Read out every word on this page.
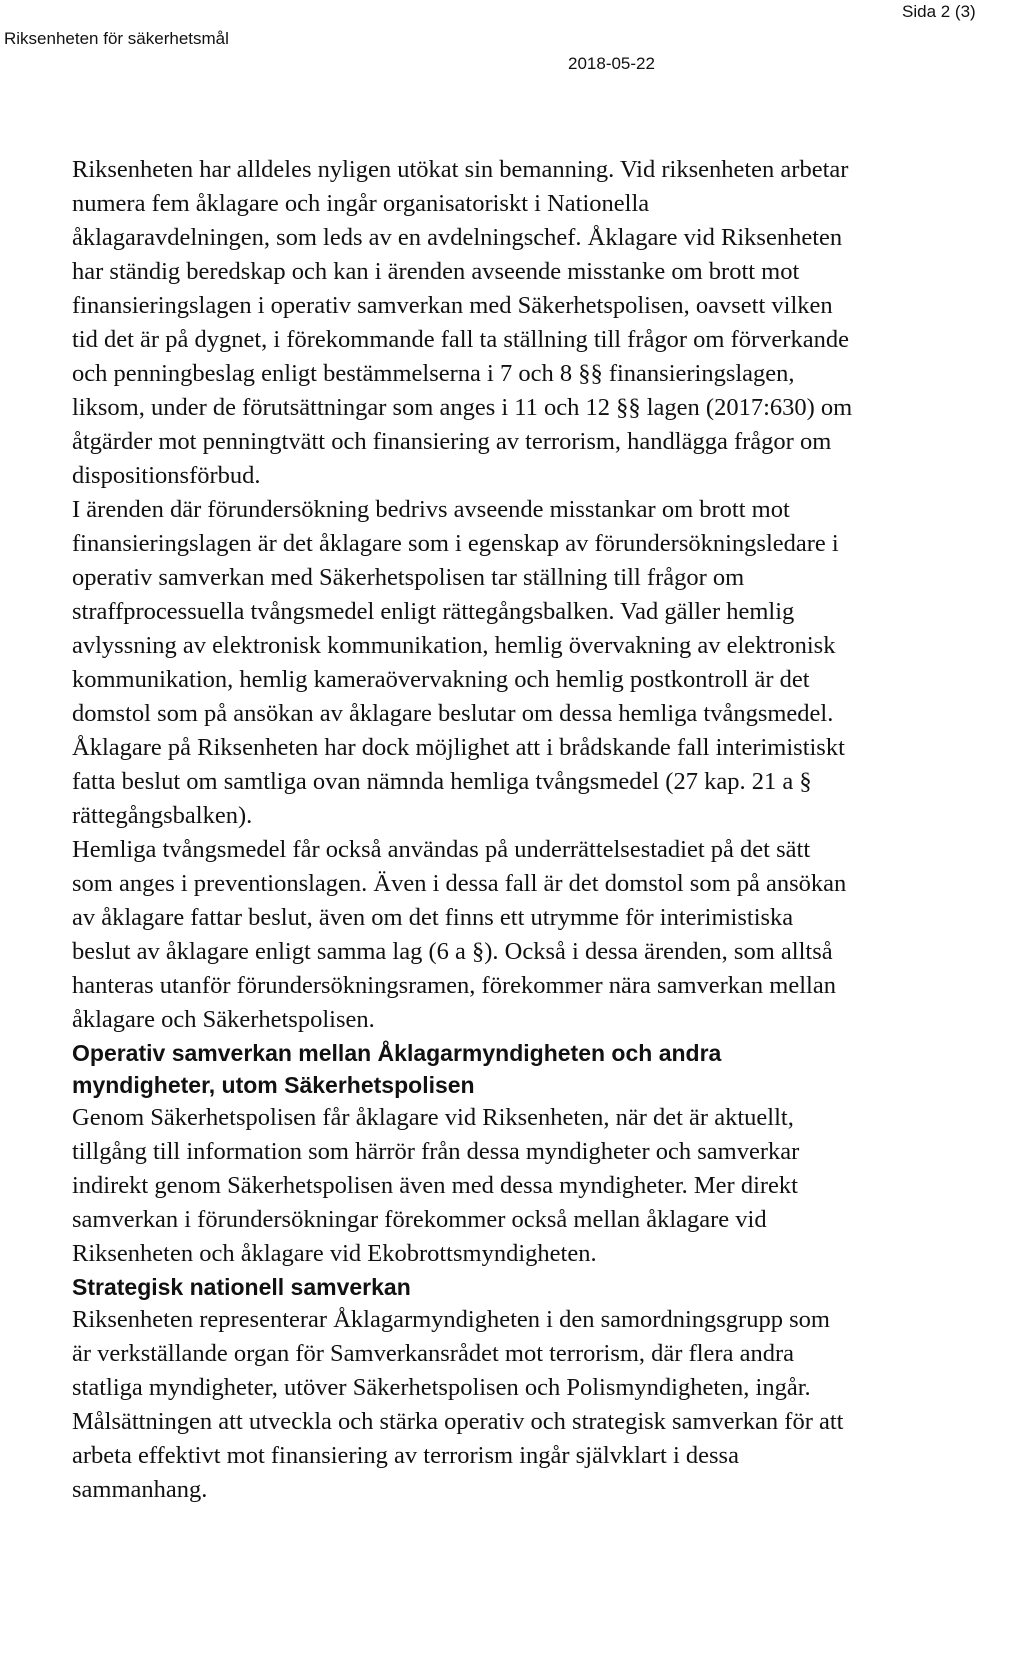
Riksenheten för säkerhetsmål
2018-05-22
Sida 2 (3)

Riksenheten har alldeles nyligen utökat sin bemanning. Vid riksenheten arbetar
numera fem åklagare och ingår organisatoriskt i Nationella
åklagaravdelningen, som leds av en avdelningschef. Åklagare vid Riksenheten
har ständig beredskap och kan i ärenden avseende misstanke om brott mot
finansieringslagen i operativ samverkan med Säkerhetspolisen, oavsett vilken
tid det är på dygnet, i förekommande fall ta ställning till frågor om förverkande
och penningbeslag enligt bestämmelserna i 7 och 8 §§ finansieringslagen,
liksom, under de förutsättningar som anges i 11 och 12 §§ lagen (2017:630) om
åtgärder mot penningtvätt och finansiering av terrorism, handlägga frågor om
dispositionsförbud.

I ärenden där förundersökning bedrivs avseende misstankar om brott mot
finansieringslagen är det åklagare som i egenskap av förundersökningsledare i
operativ samverkan med Säkerhetspolisen tar ställning till frågor om
straffprocessuella tvångsmedel enligt rättegångsbalken. Vad gäller hemlig
avlyssning av elektronisk kommunikation, hemlig övervakning av elektronisk
kommunikation, hemlig kameraövervakning och hemlig postkontroll är det
domstol som på ansökan av åklagare beslutar om dessa hemliga tvångsmedel.
Åklagare på Riksenheten har dock möjlighet att i brådskande fall interimistiskt
fatta beslut om samtliga ovan nämnda hemliga tvångsmedel (27 kap. 21 a §
rättegångsbalken).

Hemliga tvångsmedel får också användas på underrättelsestadiet på det sätt
som anges i preventionslagen. Även i dessa fall är det domstol som på ansökan
av åklagare fattar beslut, även om det finns ett utrymme för interimistiska
beslut av åklagare enligt samma lag (6 a §). Också i dessa ärenden, som alltså
hanteras utanför förundersökningsramen, förekommer nära samverkan mellan
åklagare och Säkerhetspolisen.

Operativ samverkan mellan Åklagarmyndigheten och andra
myndigheter, utom Säkerhetspolisen

Genom Säkerhetspolisen får åklagare vid Riksenheten, när det är aktuellt,
tillgång till information som härrör från dessa myndigheter och samverkar
indirekt genom Säkerhetspolisen även med dessa myndigheter. Mer direkt
samverkan i förundersökningar förekommer också mellan åklagare vid
Riksenheten och åklagare vid Ekobrottsmyndigheten.

Strategisk nationell samverkan

Riksenheten representerar Åklagarmyndigheten i den samordningsgrupp som
är verkställande organ för Samverkansrådet mot terrorism, där flera andra
statliga myndigheter, utöver Säkerhetspolisen och Polismyndigheten, ingår.
Målsättningen att utveckla och stärka operativ och strategisk samverkan för att
arbeta effektivt mot finansiering av terrorism ingår självklart i dessa
sammanhang.
